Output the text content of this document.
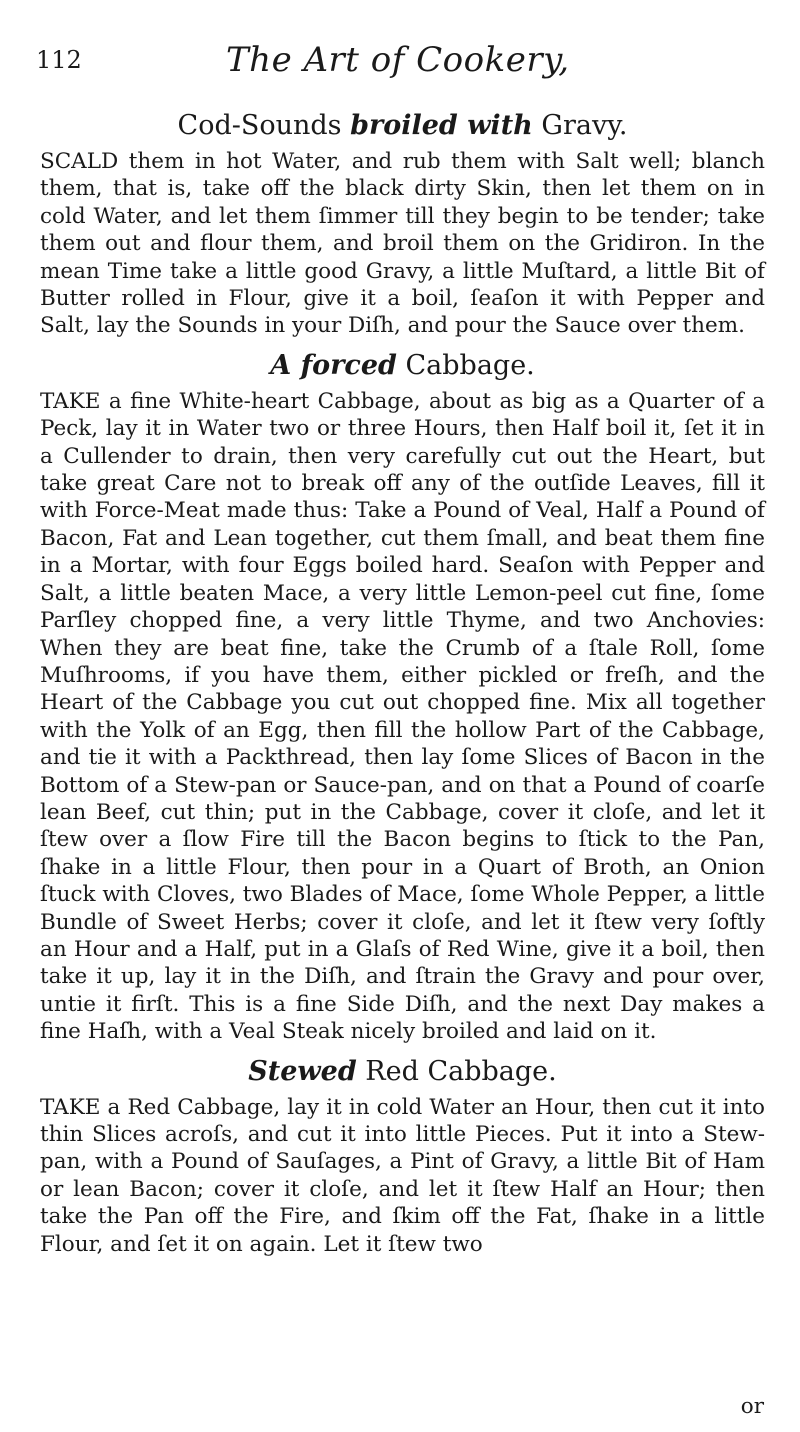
112	The Art of Cookery,
Cod-Sounds broiled with Gravy.

SCALD them in hot Water, and rub them with Salt well; blanch them, that is, take off the black dirty Skin, then let them on in cold Water, and let them ſimmer till they begin to be tender; take them out and flour them, and broil them on the Gridiron. In the mean Time take a little good Gravy, a little Muſtard, a little Bit of Butter rolled in Flour, give it a boil, ſeaſon it with Pepper and Salt, lay the Sounds in your Diſh, and pour the Sauce over them.

A forced Cabbage.

TAKE a fine White-heart Cabbage, about as big as a Quarter of a Peck, lay it in Water two or three Hours, then Half boil it, ſet it in a Cullender to drain, then very carefully cut out the Heart, but take great Care not to break off any of the outſide Leaves, fill it with Force-Meat made thus: Take a Pound of Veal, Half a Pound of Bacon, Fat and Lean together, cut them ſmall, and beat them fine in a Mortar, with four Eggs boiled hard. Seaſon with Pepper and Salt, a little beaten Mace, a very little Lemon-peel cut fine, ſome Parſley chopped fine, a very little Thyme, and two Anchovies: When they are beat fine, take the Crumb of a ſtale Roll, ſome Muſhrooms, if you have them, either pickled or freſh, and the Heart of the Cabbage you cut out chopped fine. Mix all together with the Yolk of an Egg, then fill the hollow Part of the Cabbage, and tie it with a Packthread, then lay ſome Slices of Bacon in the Bottom of a Stew-pan or Sauce-pan, and on that a Pound of coarſe lean Beef, cut thin; put in the Cabbage, cover it cloſe, and let it ſtew over a ſlow Fire till the Bacon begins to ſtick to the Pan, ſhake in a little Flour, then pour in a Quart of Broth, an Onion ſtuck with Cloves, two Blades of Mace, ſome Whole Pepper, a little Bundle of Sweet Herbs; cover it cloſe, and let it ſtew very ſoftly an Hour and a Half, put in a Glaſs of Red Wine, give it a boil, then take it up, lay it in the Diſh, and ſtrain the Gravy and pour over, untie it firſt. This is a fine Side Diſh, and the next Day makes a fine Haſh, with a Veal Steak nicely broiled and laid on it.

Stewed Red Cabbage.

TAKE a Red Cabbage, lay it in cold Water an Hour, then cut it into thin Slices acroſs, and cut it into little Pieces. Put it into a Stew-pan, with a Pound of Sauſages, a Pint of Gravy, a little Bit of Ham or lean Bacon; cover it cloſe, and let it ſtew Half an Hour; then take the Pan off the Fire, and ſkim off the Fat, ſhake in a little Flour, and ſet it on again. Let it ſtew two

or
